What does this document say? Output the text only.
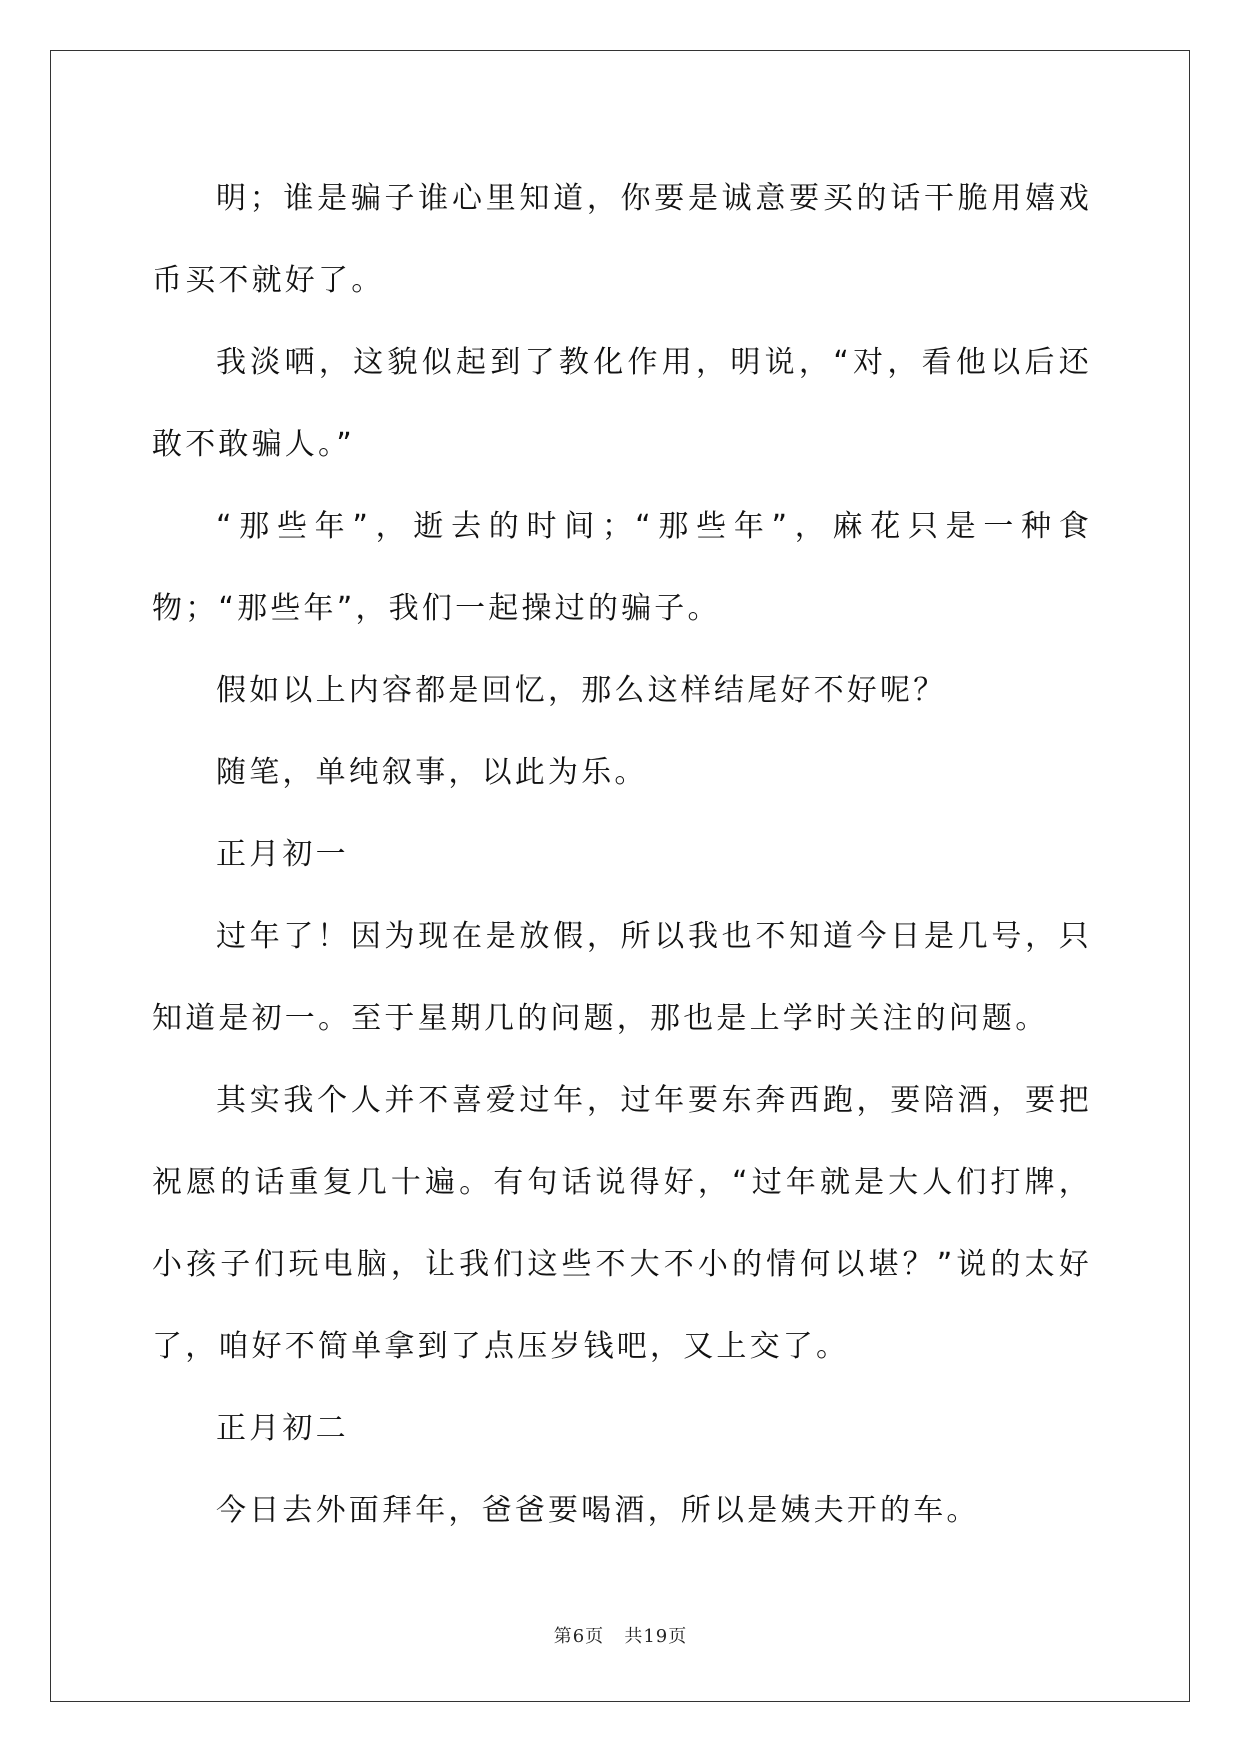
明；谁是骗子谁心里知道，你要是诚意要买的话干脆用嬉戏币买不就好了。

我淡哂，这貌似起到了教化作用，明说，“对，看他以后还敢不敢骗人。”

“那些年”，逝去的时间；“那些年”，麻花只是一种食物；“那些年”，我们一起操过的骗子。

假如以上内容都是回忆，那么这样结尾好不好呢？

随笔，单纯叙事，以此为乐。

正月初一

过年了！因为现在是放假，所以我也不知道今日是几号，只知道是初一。至于星期几的问题，那也是上学时关注的问题。

其实我个人并不喜爱过年，过年要东奔西跑，要陪酒，要把祝愿的话重复几十遍。有句话说得好，“过年就是大人们打牌，小孩子们玩电脑，让我们这些不大不小的情何以堪？”说的太好了，咱好不简单拿到了点压岁钱吧，又上交了。

正月初二

今日去外面拜年，爸爸要喝酒，所以是姨夫开的车。

第6页 共19页
